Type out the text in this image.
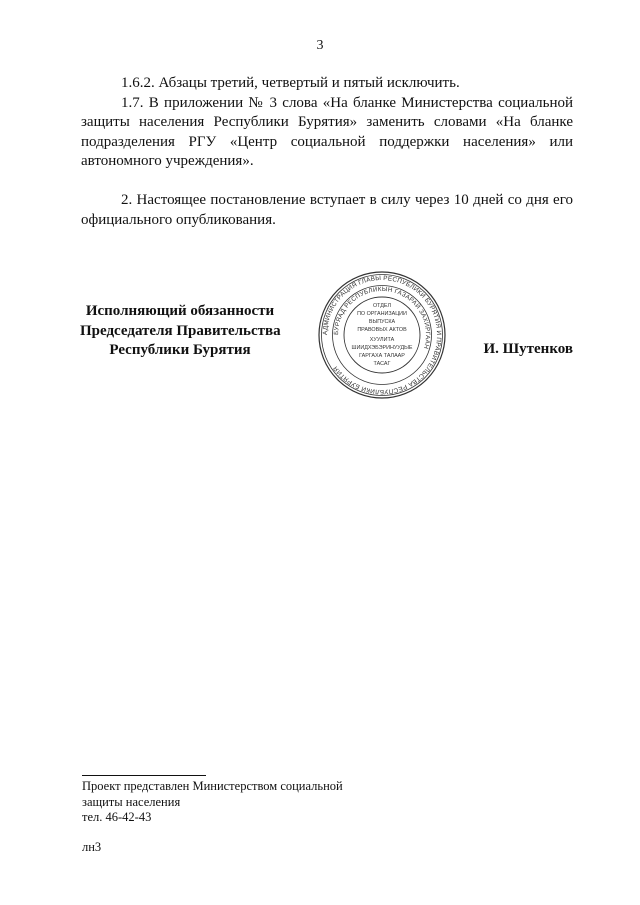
3

1.6.2. Абзацы третий, четвертый и пятый исключить.

1.7. В приложении № 3 слова «На бланке Министерства социальной защиты населения Республики Бурятия» заменить словами «На бланке подразделения РГУ «Центр социальной поддержки населения» или автономного учреждения».

2. Настоящее постановление вступает в силу через 10 дней со дня его официального опубликования.

Исполняющий обязанности
Председателя Правительства
Республики Бурятия
АДМИНИСТРАЦИЯ ГЛАВЫ РЕСПУБЛИКИ БУРЯТИЯ И ПРАВИТЕЛЬСТВА РЕСПУБЛИКИ БУРЯТИЯ
БУРЯАД РЕСПУБЛИКЫН ГАЗАРАЙ ЗАХИРГААН
ОТДЕЛ
ПО ОРГАНИЗАЦИИ
ВЫПУСКА
ПРАВОВЫХ АКТОВ
ХУУЛИТА
ШИИДХЭБЭРИНУУДЫЕ
ГАРГАХА ТАЛААР
ТАСАГ
И. Шутенков
Проект представлен Министерством социальной
защиты населения
тел. 46-42-43
лн3
